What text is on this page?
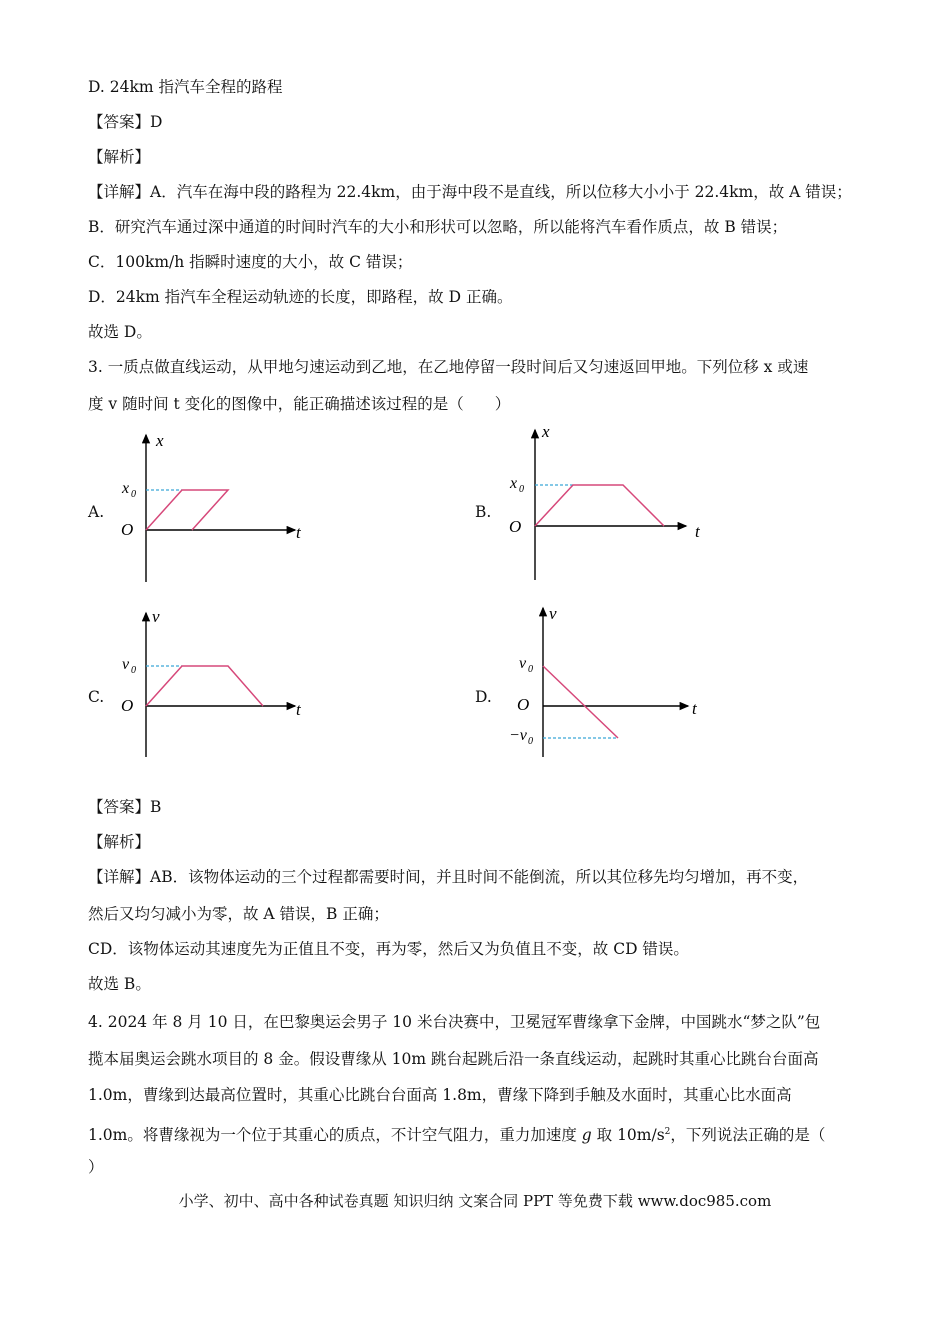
D. 24km 指汽车全程的路程
【答案】D
【解析】
【详解】A．汽车在海中段的路程为 22.4km，由于海中段不是直线，所以位移大小小于 22.4km，故 A 错误；
B．研究汽车通过深中通道的时间时汽车的大小和形状可以忽略，所以能将汽车看作质点，故 B 错误；
C．100km/h 指瞬时速度的大小，故 C 错误；
D．24km 指汽车全程运动轨迹的长度，即路程，故 D 正确。
故选 D。
3. 一质点做直线运动，从甲地匀速运动到乙地，在乙地停留一段时间后又匀速返回甲地。下列位移 x 或速
度 v 随时间 t 变化的图像中，能正确描述该过程的是（　　）
A.	B.
C.	D.
x
t
O
x 0
x
t
O
x 0
v
t
O
v 0
v
t
O
v 0
−v 0
【答案】B
【解析】
【详解】AB．该物体运动的三个过程都需要时间，并且时间不能倒流，所以其位移先均匀增加，再不变，
然后又均匀减小为零，故 A 错误，B 正确；
CD．该物体运动其速度先为正值且不变，再为零，然后又为负值且不变，故 CD 错误。
故选 B。
4. 2024 年 8 月 10 日，在巴黎奥运会男子 10 米台决赛中，卫冕冠军曹缘拿下金牌，中国跳水“梦之队”包
揽本届奥运会跳水项目的 8 金。假设曹缘从 10m 跳台起跳后沿一条直线运动，起跳时其重心比跳台台面高
1.0m，曹缘到达最高位置时，其重心比跳台台面高 1.8m，曹缘下降到手触及水面时，其重心比水面高
1.0m。将曹缘视为一个位于其重心的质点，不计空气阻力，重力加速度 g 取 $10m/s^2$，下列说法正确的是（
）
小学、初中、高中各种试卷真题 知识归纳 文案合同 PPT 等免费下载 www.doc985.com
